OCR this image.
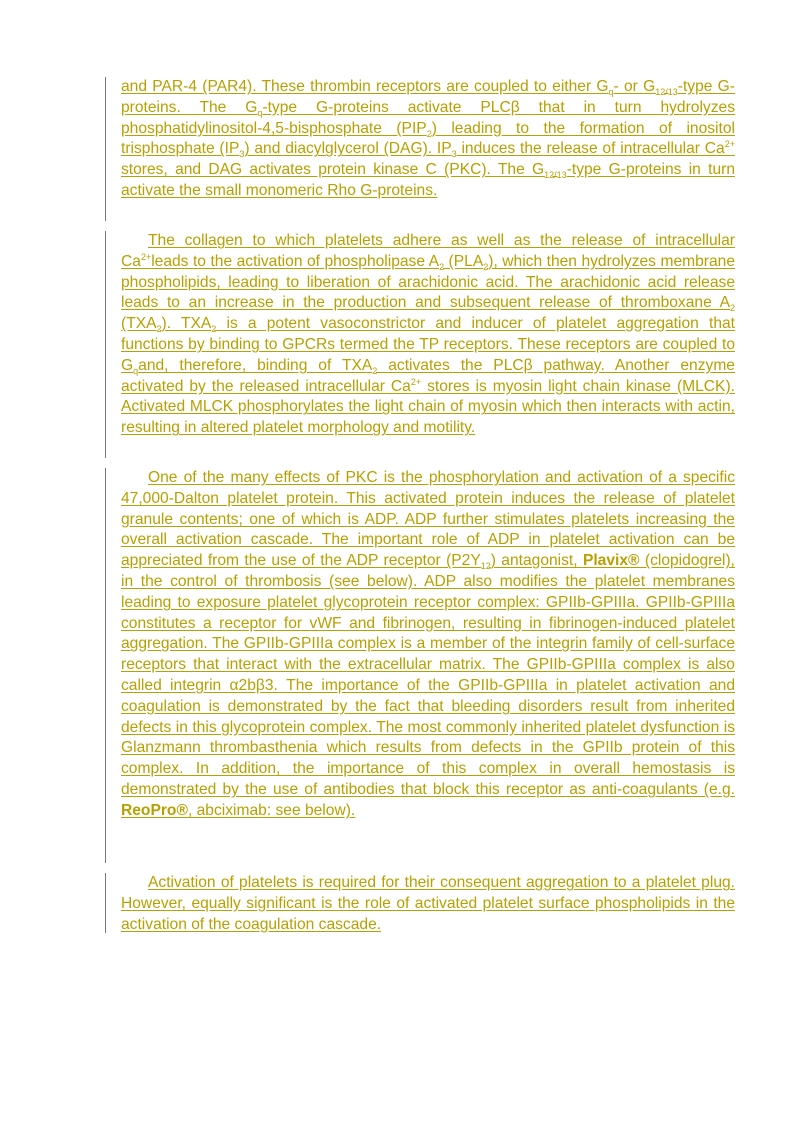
and PAR-4 (PAR4). These thrombin receptors are coupled to either $G_q-$ or $G_{12/13}$-type G-proteins. The $G_q$-type G-proteins activate PLCβ that in turn hydrolyzes phosphatidylinositol-4,5-bisphosphate $(PIP_2)$ leading to the formation of inositol trisphosphate $(IP_3)$ and diacylglycerol (DAG). $IP_3$ induces the release of intracellular $Ca^{2+}$ stores, and DAG activates protein kinase C (PKC). The $G_{12/13}$-type G-proteins in turn activate the small monomeric Rho G-proteins.

The collagen to which platelets adhere as well as the release of intracellular $Ca^{2+}leads$ to the activation of phospholipase $A_2$ $(PLA_2)$, which then hydrolyzes membrane phospholipids, leading to liberation of arachidonic acid. The arachidonic acid release leads to an increase in the production and subsequent release of thromboxane $A_2$ $(TXA_2)$. $TXA_2$ is a potent vasoconstrictor and inducer of platelet aggregation that functions by binding to GPCRs termed the TP receptors. These receptors are coupled to $G_qand$, therefore, binding of $TXA_2$ activates the PLCβ pathway. Another enzyme activated by the released intracellular $Ca^{2+}$ stores is myosin light chain kinase (MLCK). Activated MLCK phosphorylates the light chain of myosin which then interacts with actin, resulting in altered platelet morphology and motility.

One of the many effects of PKC is the phosphorylation and activation of a specific 47,000-Dalton platelet protein. This activated protein induces the release of platelet granule contents; one of which is ADP. ADP further stimulates platelets increasing the overall activation cascade. The important role of ADP in platelet activation can be appreciated from the use of the ADP receptor $(P2Y_{12})$ antagonist, Plavix® (clopidogrel), in the control of thrombosis (see below). ADP also modifies the platelet membranes leading to exposure platelet glycoprotein receptor complex: GPIIb-GPIIIa. GPIIb-GPIIIa constitutes a receptor for vWF and fibrinogen, resulting in fibrinogen-induced platelet aggregation. The GPIIb-GPIIIa complex is a member of the integrin family of cell-surface receptors that interact with the extracellular matrix. The GPIIb-GPIIIa complex is also called integrin α2bβ3. The importance of the GPIIb-GPIIIa in platelet activation and coagulation is demonstrated by the fact that bleeding disorders result from inherited defects in this glycoprotein complex. The most commonly inherited platelet dysfunction is Glanzmann thrombasthenia which results from defects in the GPIIb protein of this complex. In addition, the importance of this complex in overall hemostasis is demonstrated by the use of antibodies that block this receptor as anti-coagulants (e.g. ReoPro®, abciximab: see below).

Activation of platelets is required for their consequent aggregation to a platelet plug. However, equally significant is the role of activated platelet surface phospholipids in the activation of the coagulation cascade.
